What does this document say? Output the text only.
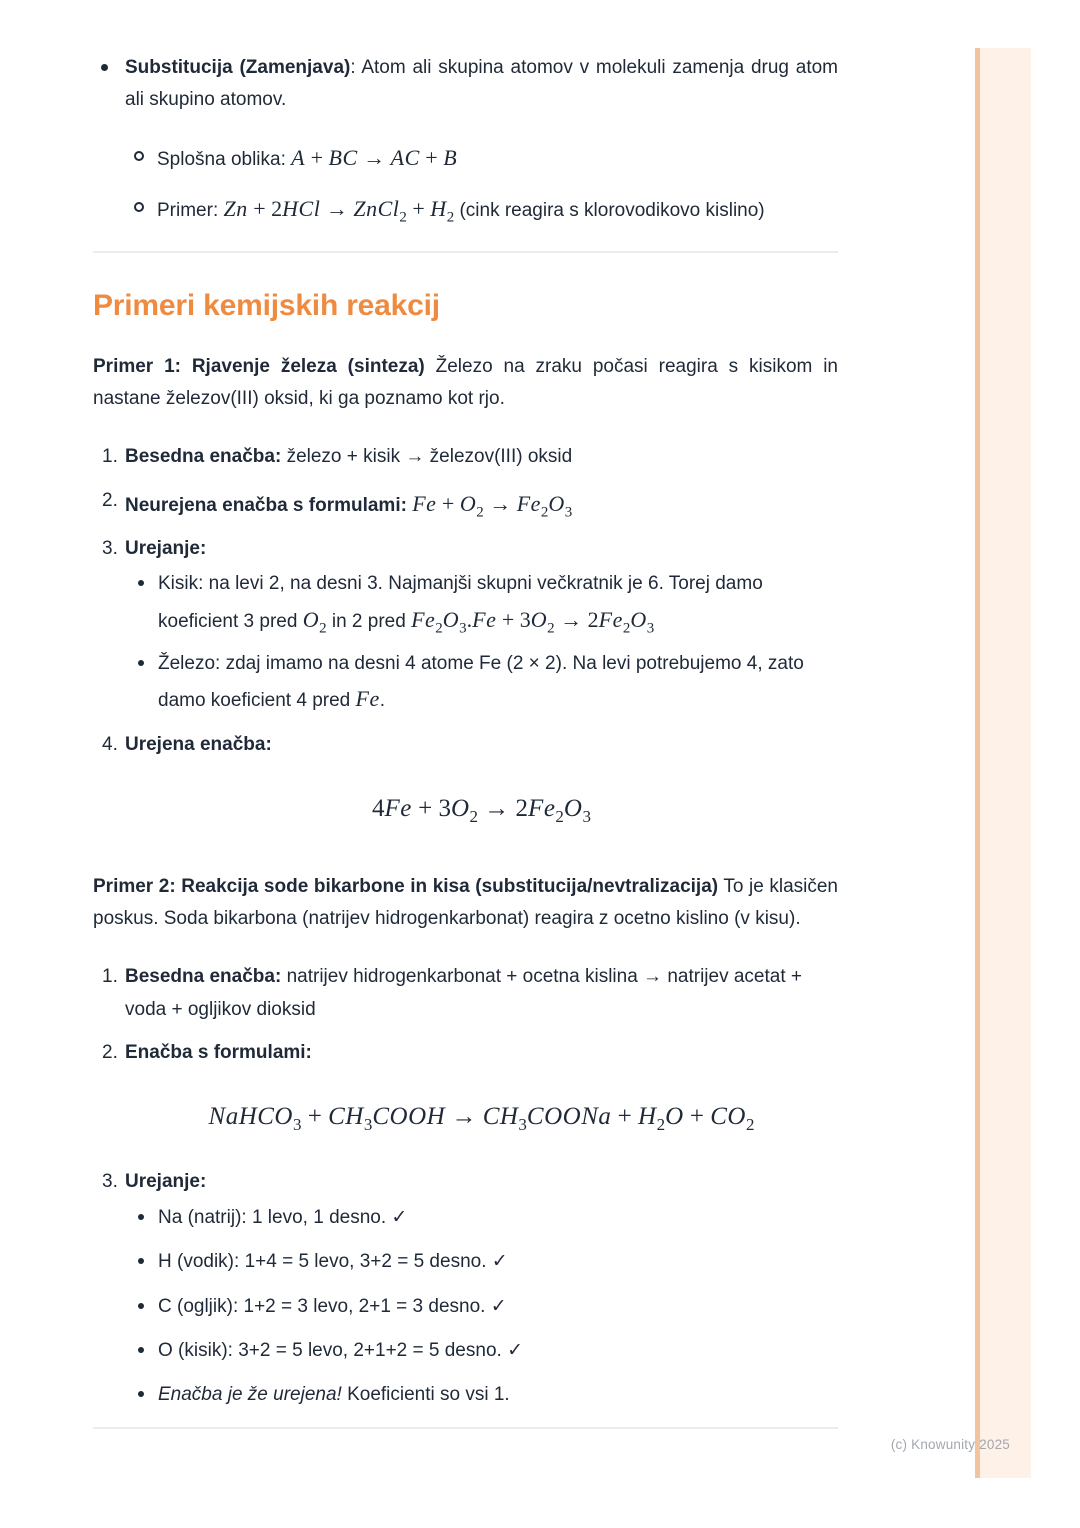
(c) Knowunity 2025

Substitucija (Zamenjava): Atom ali skupina atomov v molekuli zamenja drug atom ali skupino atomov.

Splošna oblika: A + BC → AC + B
Primer: Zn + 2HCl → ZnCl$_2$ + $H_2$ (cink reagira s klorovodikovo kislino)
Primeri kemijskih reakcij

Primer 1: Rjavenje železa (sinteza) Železo na zraku počasi reagira s kisikom in nastane železov(III) oksid, ki ga poznamo kot rjo.

1. Besedna enačba: železo + kisik → železov(III) oksid
2. Neurejena enačba s formulami: $Fe + O_2 \to Fe_2O_3$
3. Urejanje:
Kisik: na levi 2, na desni 3. Najmanjši skupni večkratnik je 6. Torej damo koeficient 3 pred $O_2$ in 2 pred $Fe_2O_3.Fe + 3O_2 \to 2Fe_2O_3$
Železo: zdaj imamo na desni 4 atome Fe (2 × 2). Na levi potrebujemo 4, zato damo koeficient 4 pred Fe.
4. Urejena enačba:
$4Fe + 3O_2 \to 2Fe_2O_3$

Primer 2: Reakcija sode bikarbone in kisa (substitucija/nevtralizacija) To je klasičen poskus. Soda bikarbona (natrijev hidrogenkarbonat) reagira z ocetno kislino (v kisu).

1. Besedna enačba: natrijev hidrogenkarbonat + ocetna kislina → natrijev acetat + voda + ogljikov dioksid
2. Enačba s formulami:
NaHCO$_3$ + $CH_3COOH$ → $CH_3COONa + H_2O + CO_2$
3. Urejanje:
Na (natrij): 1 levo, 1 desno. ✓
H (vodik): 1+4 = 5 levo, 3+2 = 5 desno. ✓
C (ogljik): 1+2 = 3 levo, 2+1 = 3 desno. ✓
O (kisik): 3+2 = 5 levo, 2+1+2 = 5 desno. ✓
Enačba je že urejena! Koeficienti so vsi 1.
